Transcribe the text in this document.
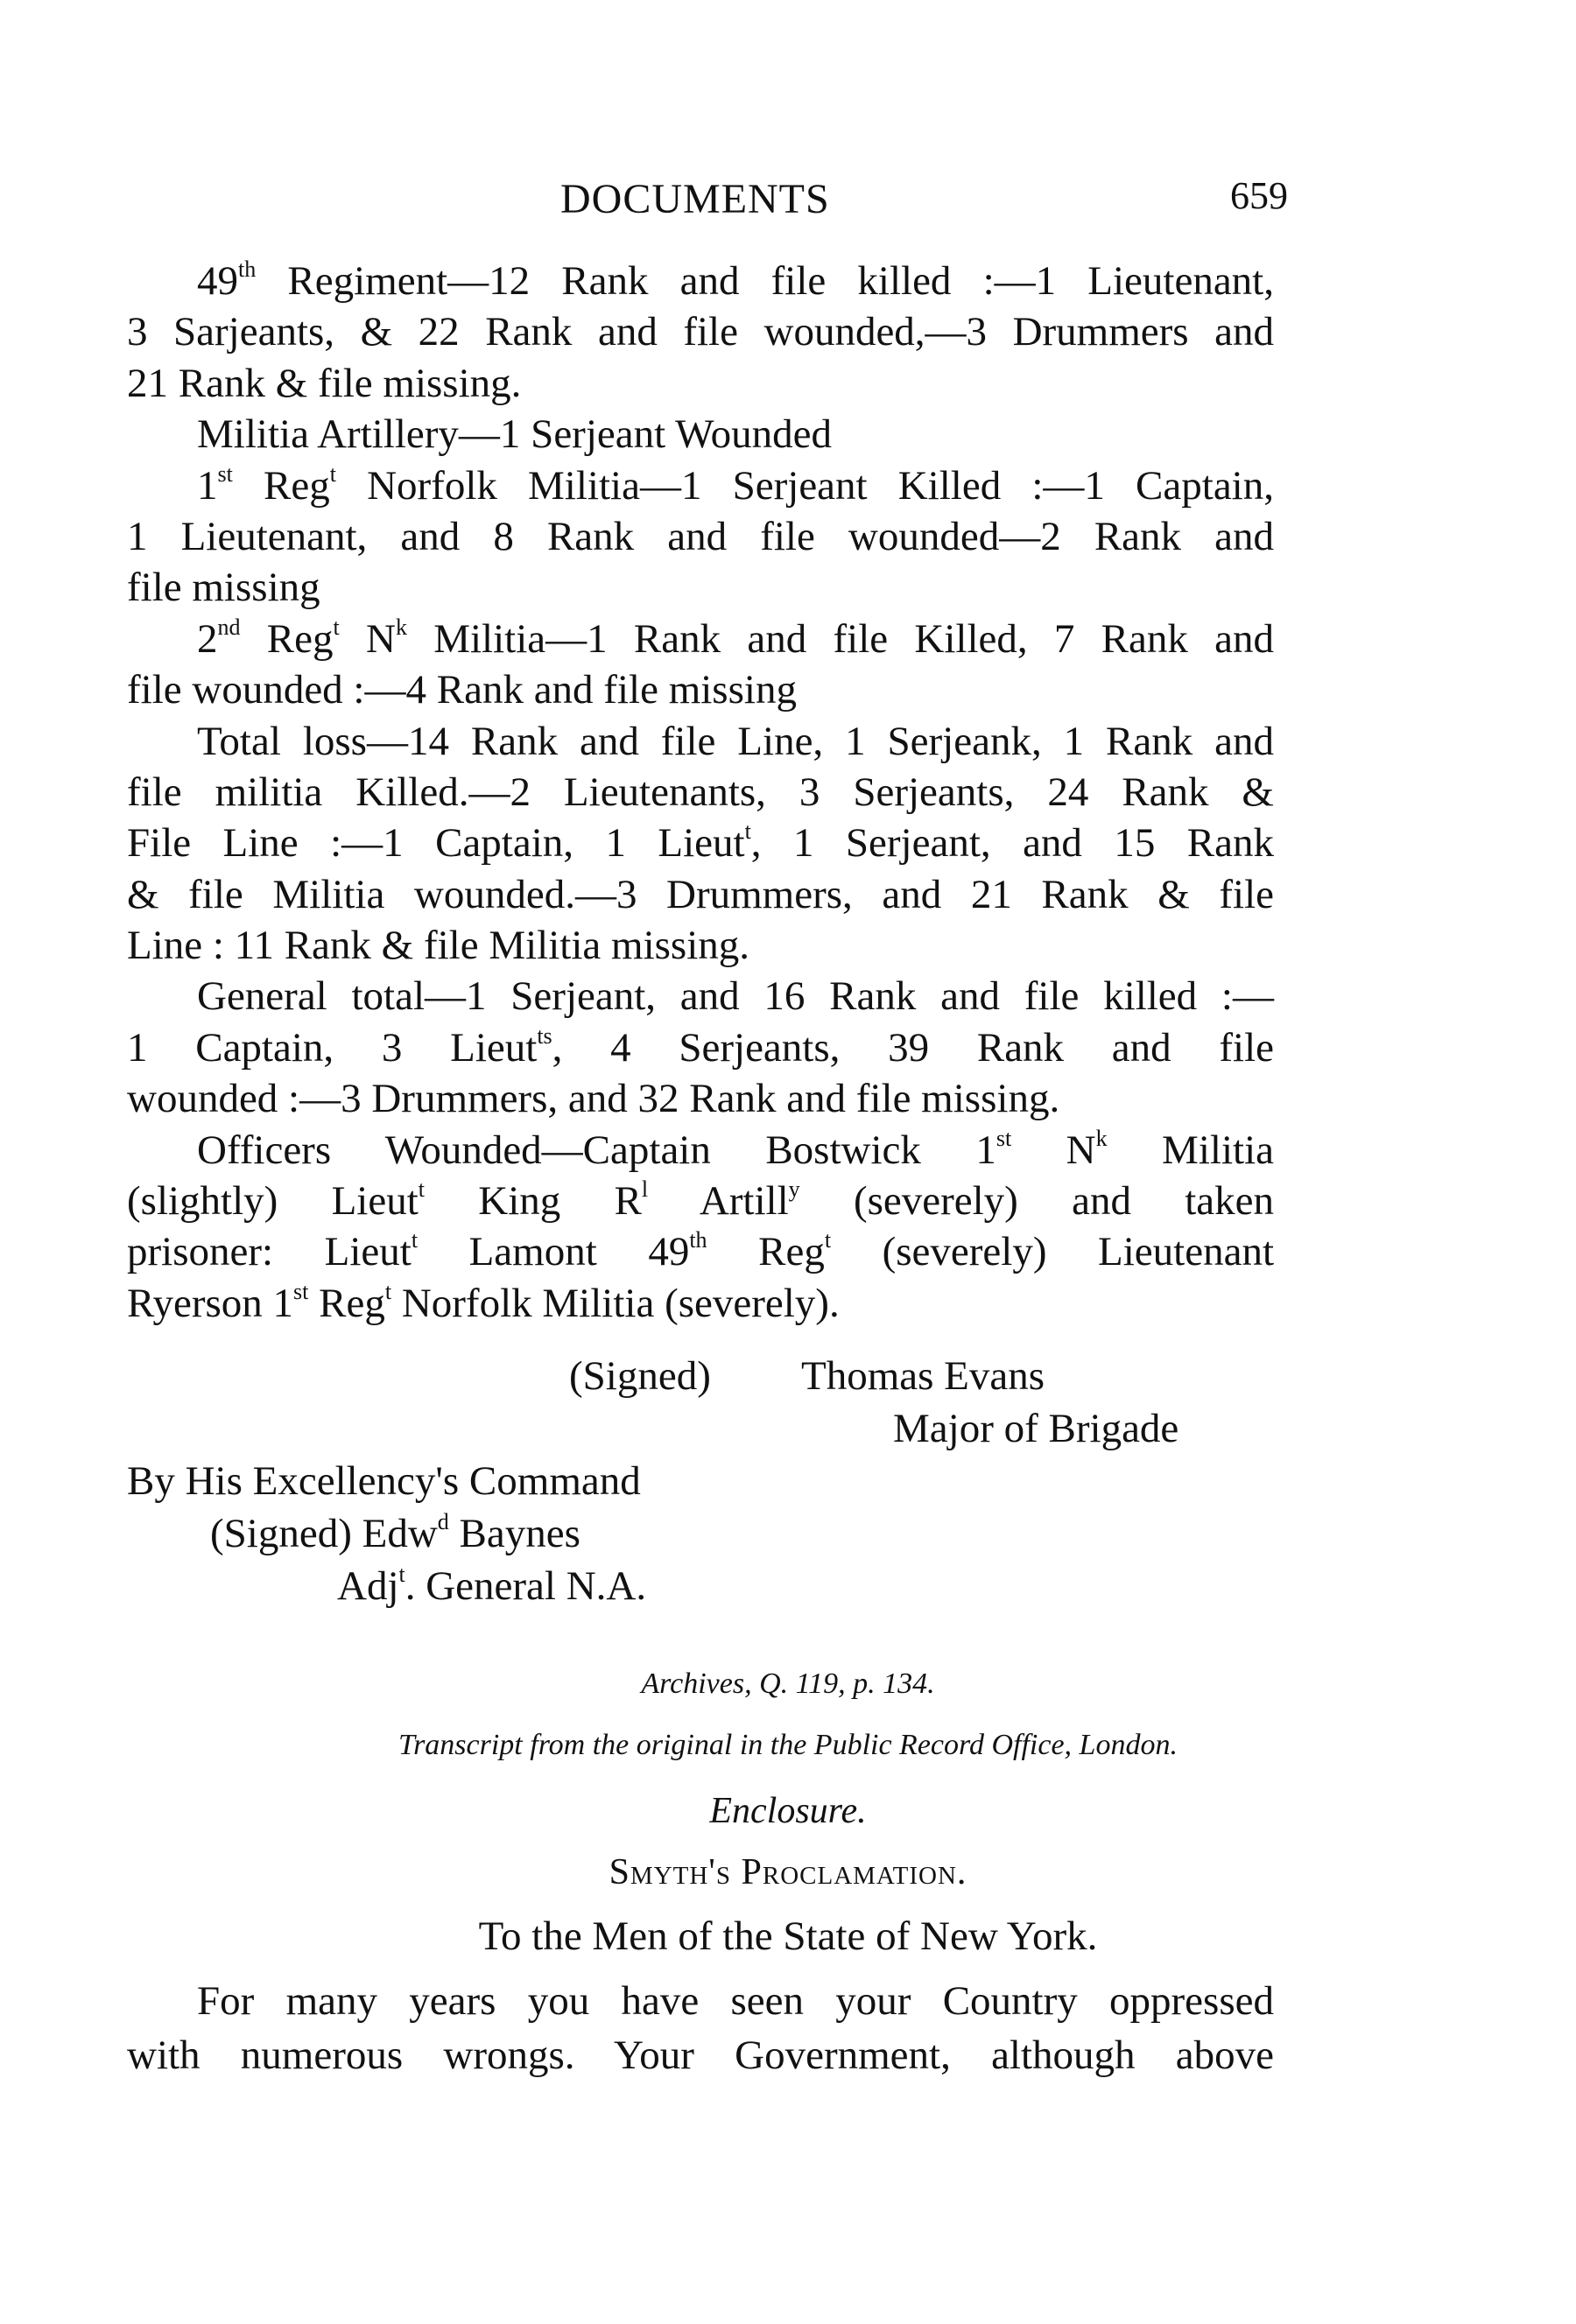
DOCUMENTS	659
49th Regiment—12 Rank and file killed :—1 Lieutenant,
3 Sarjeants, & 22 Rank and file wounded,—3 Drummers and
21 Rank & file missing.
Militia Artillery—1 Serjeant Wounded
1st Reg$^t$ Norfolk Militia—1 Serjeant Killed :—1 Captain,
1 Lieutenant, and 8 Rank and file wounded—2 Rank and
file missing
2nd Reg$^t$ $N^k$ Militia—1 Rank and file Killed, 7 Rank and
file wounded :—4 Rank and file missing
Total loss—14 Rank and file Line, 1 Serjeank, 1 Rank and
file militia Killed.—2 Lieutenants, 3 Serjeants, 24 Rank &
File Line :—1 Captain, 1 Lieut$^t$, 1 Serjeant, and 15 Rank
& file Militia wounded.—3 Drummers, and 21 Rank & file
Line : 11 Rank & file Militia missing.
General total—1 Serjeant, and 16 Rank and file killed :—
1 Captain, 3 Lieut$^{ts}$, 4 Serjeants, 39 Rank and file
wounded :—3 Drummers, and 32 Rank and file missing.
Officers Wounded—Captain Bostwick 1st $N^k$ Militia
(slightly) Lieut$^t$ King $R^l$ Artill$^y$ (severely) and taken
prisoner: Lieut$^t$ Lamont 49th Reg$^t$ (severely) Lieutenant
Ryerson 1st Reg$^t$ Norfolk Militia (severely).
(Signed) Thomas Evans
Major of Brigade
By His Excellency's Command
(Signed) Edw$^d$ Baynes
Adj$^t$. General N.A.
Archives, Q. 119, p. 134.
Transcript from the original in the Public Record Office, London.
Enclosure.
Smyth's Proclamation.
To the Men of the State of New York.
For many years you have seen your Country oppressed
with numerous wrongs. Your Government, although above
